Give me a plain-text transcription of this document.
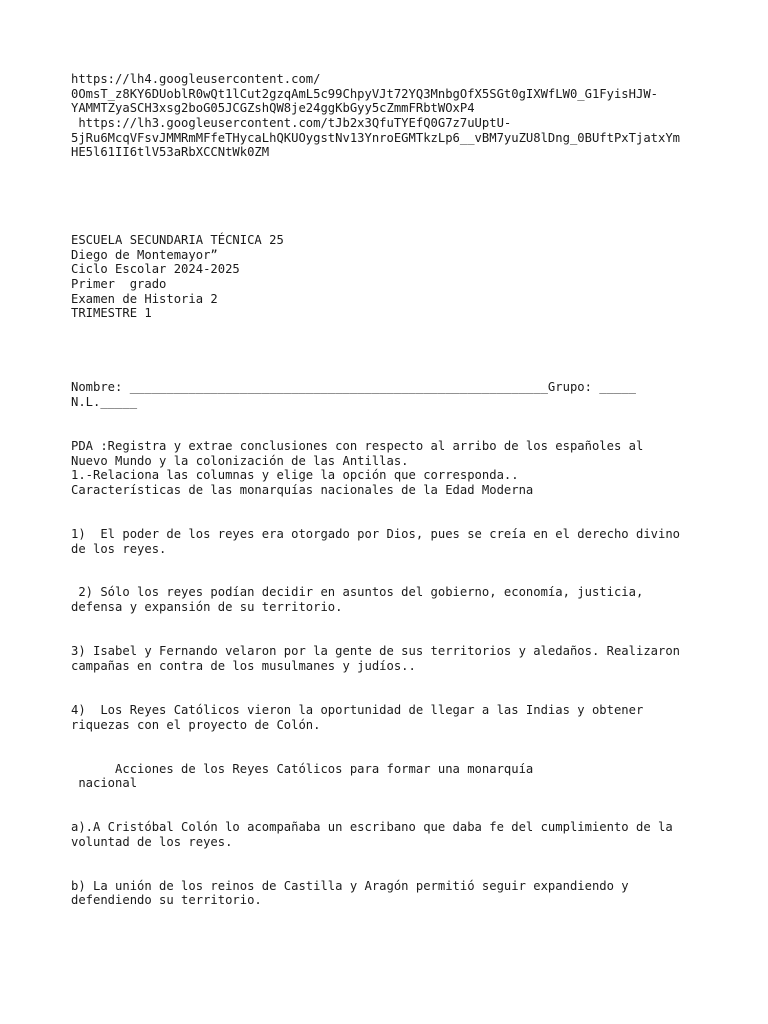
https://lh4.googleusercontent.com/
0OmsT_z8KY6DUoblR0wQt1lCut2gzqAmL5c99ChpyVJt72YQ3MnbgOfX5SGt0gIXWfLW0_G1FyisHJW-
YAMMTZyaSCH3xsg2boG05JCGZshQW8je24ggKbGyy5cZmmFRbtWOxP4
https://lh3.googleusercontent.com/tJb2x3QfuTYEfQ0G7z7uUptU-
5jRu6McqVFsvJMMRmMFfeTHycaLhQKUOygstNv13YnroEGMTkzLp6__vBM7yuZU8lDng_0BUftPxTjatxYm
HE5l61II6tlV53aRbXCCNtWk0ZM
ESCUELA SECUNDARIA TÉCNICA 25
Diego de Montemayor”
Ciclo Escolar 2024-2025
Primer  grado
Examen de Historia 2
TRIMESTRE 1
Nombre: _________________________________________________________Grupo: _____
N.L._____
PDA :Registra y extrae conclusiones con respecto al arribo de los españoles al
Nuevo Mundo y la colonización de las Antillas.
1.-Relaciona las columnas y elige la opción que corresponda..
Características de las monarquías nacionales de la Edad Moderna
1)  El poder de los reyes era otorgado por Dios, pues se creía en el derecho divino
de los reyes.
2) Sólo los reyes podían decidir en asuntos del gobierno, economía, justicia,
defensa y expansión de su territorio.
3) Isabel y Fernando velaron por la gente de sus territorios y aledaños. Realizaron
campañas en contra de los musulmanes y judíos..
4)  Los Reyes Católicos vieron la oportunidad de llegar a las Indias y obtener
riquezas con el proyecto de Colón.
Acciones de los Reyes Católicos para formar una monarquía
nacional
a).A Cristóbal Colón lo acompañaba un escribano que daba fe del cumplimiento de la
voluntad de los reyes.
b) La unión de los reinos de Castilla y Aragón permitió seguir expandiendo y
defendiendo su territorio.
